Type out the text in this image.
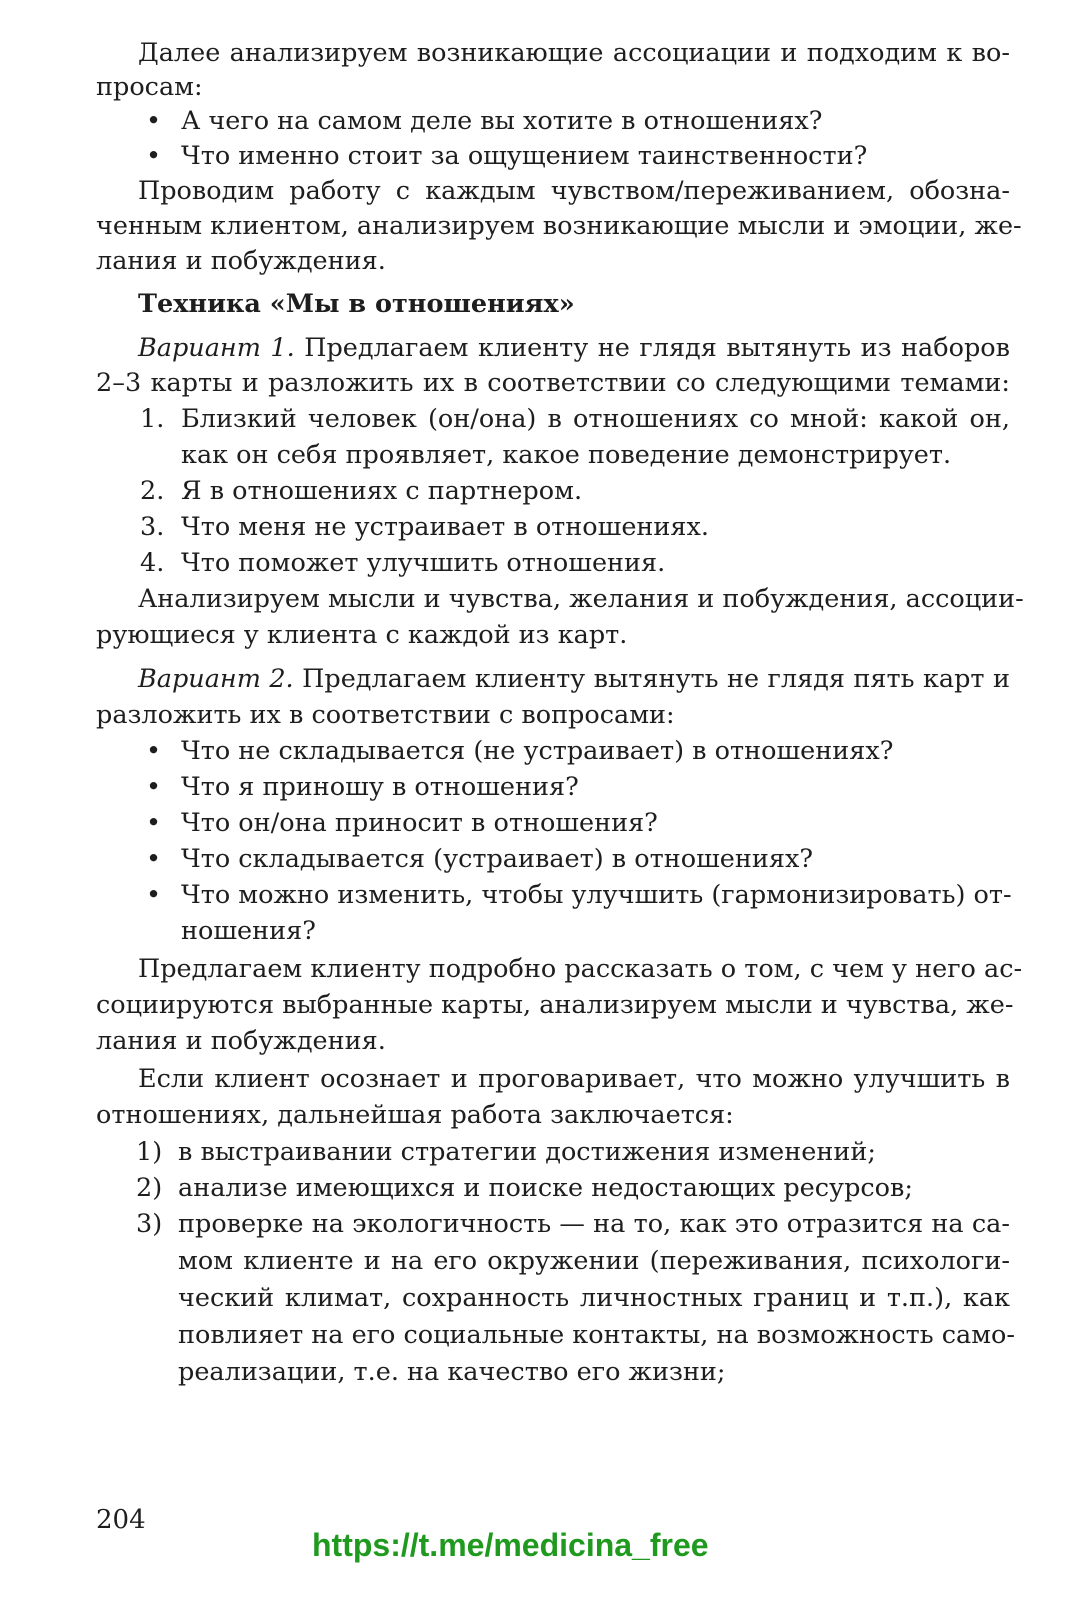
Далее анализируем возникающие ассоциации и подходим к во-
просам:
• А чего на самом деле вы хотите в отношениях?
• Что именно стоит за ощущением таинственности?
Проводим работу с каждым чувством/переживанием, обозна-
ченным клиентом, анализируем возникающие мысли и эмоции, же-
лания и побуждения.
Техника «Мы в отношениях»
Вариант 1. Предлагаем клиенту не глядя вытянуть из наборов
2–3 карты и разложить их в соответствии со следующими темами:
1. Близкий человек (он/она) в отношениях со мной: какой он,
как он себя проявляет, какое поведение демонстрирует.
2. Я в отношениях с партнером.
3. Что меня не устраивает в отношениях.
4. Что поможет улучшить отношения.
Анализируем мысли и чувства, желания и побуждения, ассоции-
рующиеся у клиента с каждой из карт.
Вариант 2. Предлагаем клиенту вытянуть не глядя пять карт и
разложить их в соответствии с вопросами:
• Что не складывается (не устраивает) в отношениях?
• Что я приношу в отношения?
• Что он/она приносит в отношения?
• Что складывается (устраивает) в отношениях?
• Что можно изменить, чтобы улучшить (гармонизировать) от-
ношения?
Предлагаем клиенту подробно рассказать о том, с чем у него ас-
социируются выбранные карты, анализируем мысли и чувства, же-
лания и побуждения.
Если клиент осознает и проговаривает, что можно улучшить в
отношениях, дальнейшая работа заключается:
1) в выстраивании стратегии достижения изменений;
2) анализе имеющихся и поиске недостающих ресурсов;
3) проверке на экологичность — на то, как это отразится на са-
мом клиенте и на его окружении (переживания, психологи-
ческий климат, сохранность личностных границ и т.п.), как
повлияет на его социальные контакты, на возможность само-
реализации, т.е. на качество его жизни;
204
https://t.me/medicina_free
